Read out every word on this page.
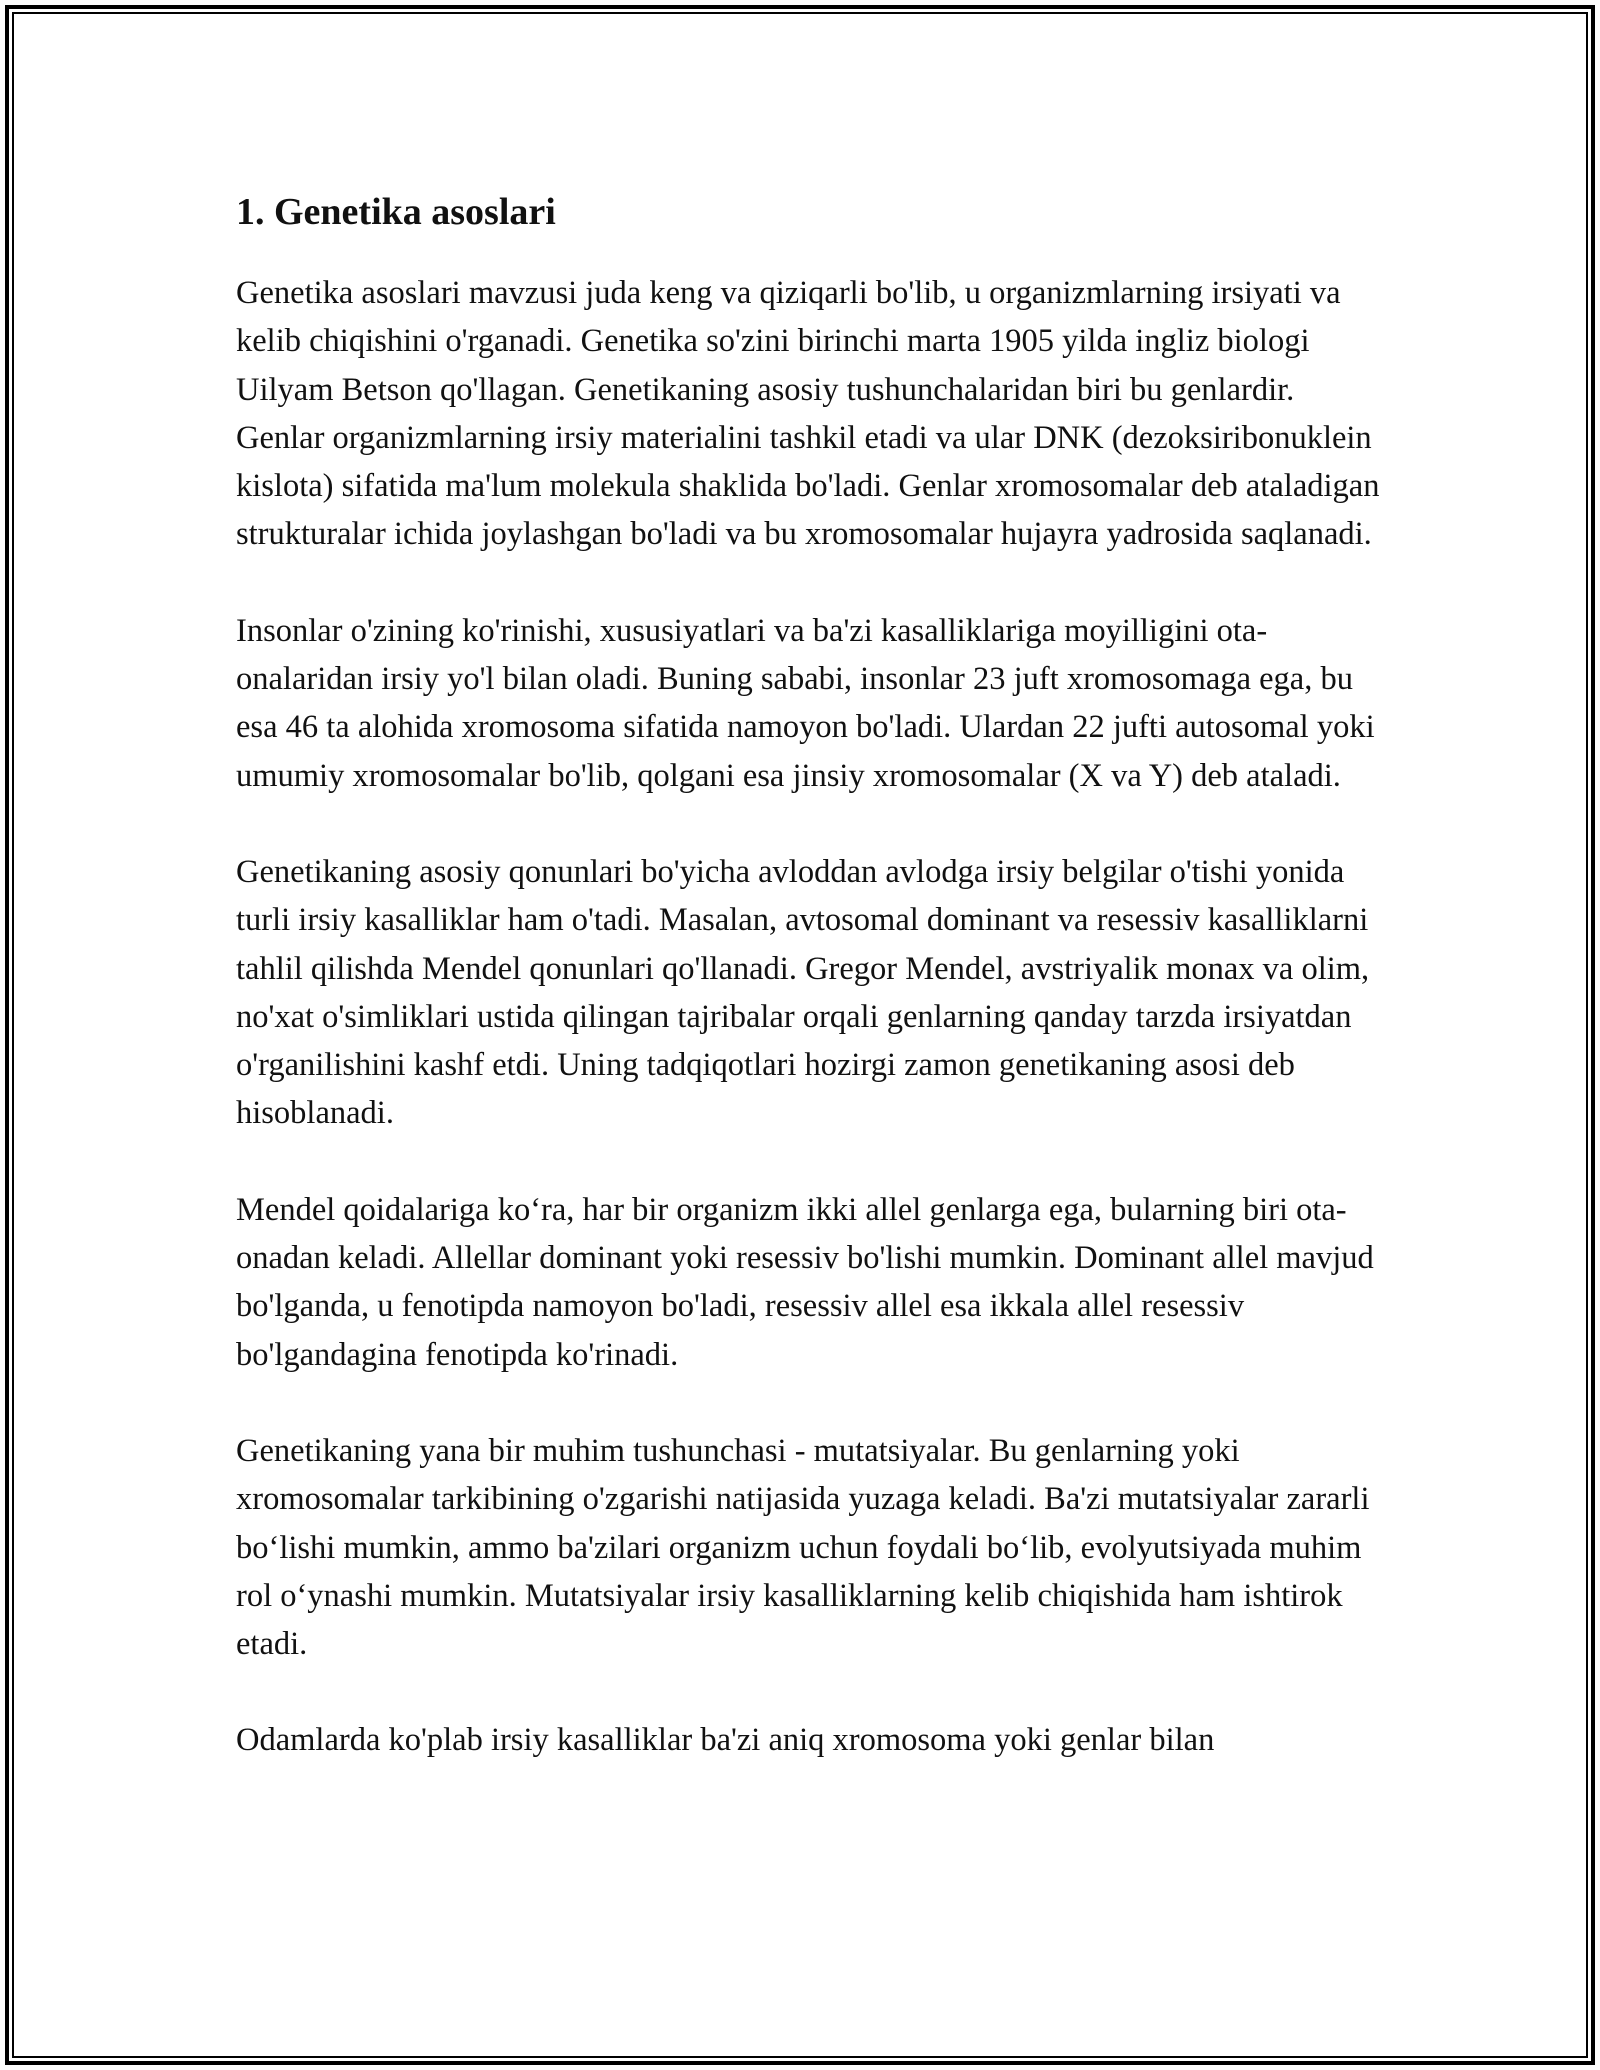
1. Genetika asoslari

Genetika asoslari mavzusi juda keng va qiziqarli bo'lib, u organizmlarning irsiyati va kelib chiqishini o'rganadi. Genetika so'zini birinchi marta 1905 yilda ingliz biologi Uilyam Betson qo'llagan. Genetikaning asosiy tushunchalaridan biri bu genlardir. Genlar organizmlarning irsiy materialini tashkil etadi va ular DNK (dezoksiribonuklein kislota) sifatida ma'lum molekula shaklida bo'ladi. Genlar xromosomalar deb ataladigan strukturalar ichida joylashgan bo'ladi va bu xromosomalar hujayra yadrosida saqlanadi.

Insonlar o'zining ko'rinishi, xususiyatlari va ba'zi kasalliklariga moyilligini ota-onalaridan irsiy yo'l bilan oladi. Buning sababi, insonlar 23 juft xromosomaga ega, bu esa 46 ta alohida xromosoma sifatida namoyon bo'ladi. Ulardan 22 jufti autosomal yoki umumiy xromosomalar bo'lib, qolgani esa jinsiy xromosomalar (X va Y) deb ataladi.

Genetikaning asosiy qonunlari bo'yicha avloddan avlodga irsiy belgilar o'tishi yonida turli irsiy kasalliklar ham o'tadi. Masalan, avtosomal dominant va resessiv kasalliklarni tahlil qilishda Mendel qonunlari qo'llanadi. Gregor Mendel, avstriyalik monax va olim, no'xat o'simliklari ustida qilingan tajribalar orqali genlarning qanday tarzda irsiyatdan o'rganilishini kashf etdi. Uning tadqiqotlari hozirgi zamon genetikaning asosi deb hisoblanadi.

Mendel qoidalariga ko‘ra, har bir organizm ikki allel genlarga ega, bularning biri ota-onadan keladi. Allellar dominant yoki resessiv bo'lishi mumkin. Dominant allel mavjud bo'lganda, u fenotipda namoyon bo'ladi, resessiv allel esa ikkala allel resessiv bo'lgandagina fenotipda ko'rinadi.

Genetikaning yana bir muhim tushunchasi - mutatsiyalar. Bu genlarning yoki xromosomalar tarkibining o'zgarishi natijasida yuzaga keladi. Ba'zi mutatsiyalar zararli bo‘lishi mumkin, ammo ba'zilari organizm uchun foydali bo‘lib, evolyutsiyada muhim rol o‘ynashi mumkin. Mutatsiyalar irsiy kasalliklarning kelib chiqishida ham ishtirok etadi.

Odamlarda ko'plab irsiy kasalliklar ba'zi aniq xromosoma yoki genlar bilan
